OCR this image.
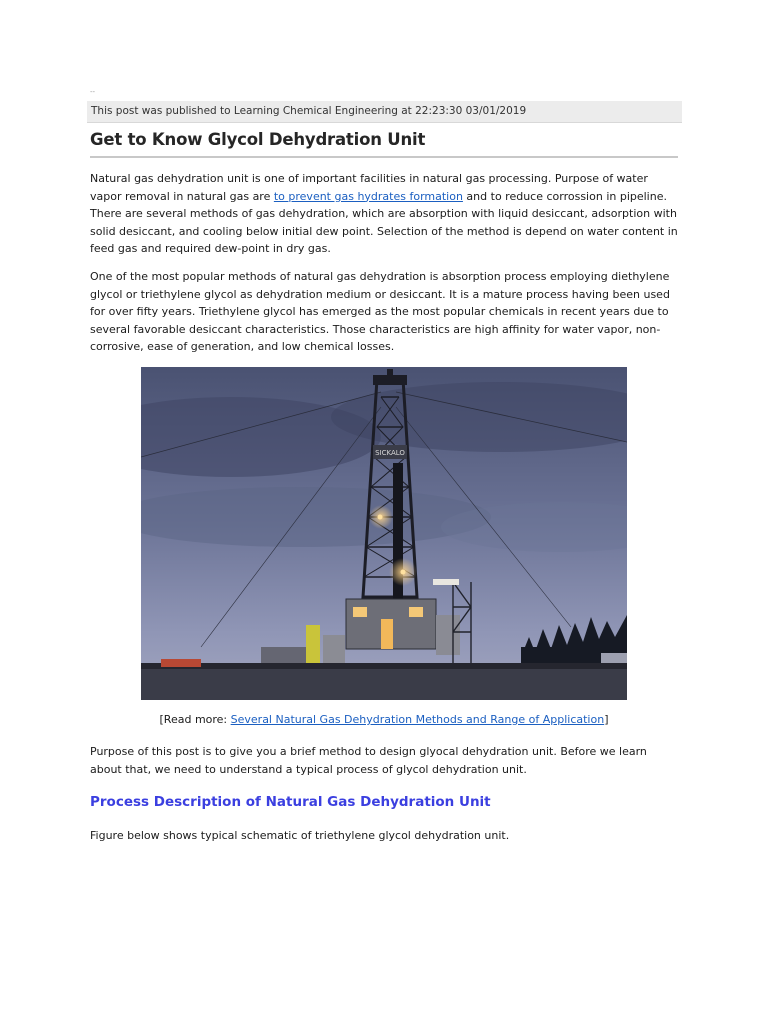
--
This post was published to Learning Chemical Engineering at 22:23:30 03/01/2019
Get to Know Glycol Dehydration Unit

Natural gas dehydration unit is one of important facilities in natural gas processing. Purpose of water vapor removal in natural gas are to prevent gas hydrates formation and to reduce corrossion in pipeline. There are several methods of gas dehydration, which are absorption with liquid desiccant, adsorption with solid desiccant, and cooling below initial dew point. Selection of the method is depend on water content in feed gas and required dew-point in dry gas.

One of the most popular methods of natural gas dehydration is absorption process employing diethylene glycol or triethylene glycol as dehydration medium or desiccant. It is a mature process having been used for over fifty years. Triethylene glycol has emerged as the most popular chemicals in recent years due to several favorable desiccant characteristics. Those characteristics are high affinity for water vapor, non-corrosive, ease of generation, and low chemical losses.

SICKALO
[Read more: Several Natural Gas Dehydration Methods and Range of Application]

Purpose of this post is to give you a brief method to design glyocal dehydration unit. Before we learn about that, we need to understand a typical process of glycol dehydration unit.

Process Description of Natural Gas Dehydration Unit

Figure below shows typical schematic of triethylene glycol dehydration unit.
